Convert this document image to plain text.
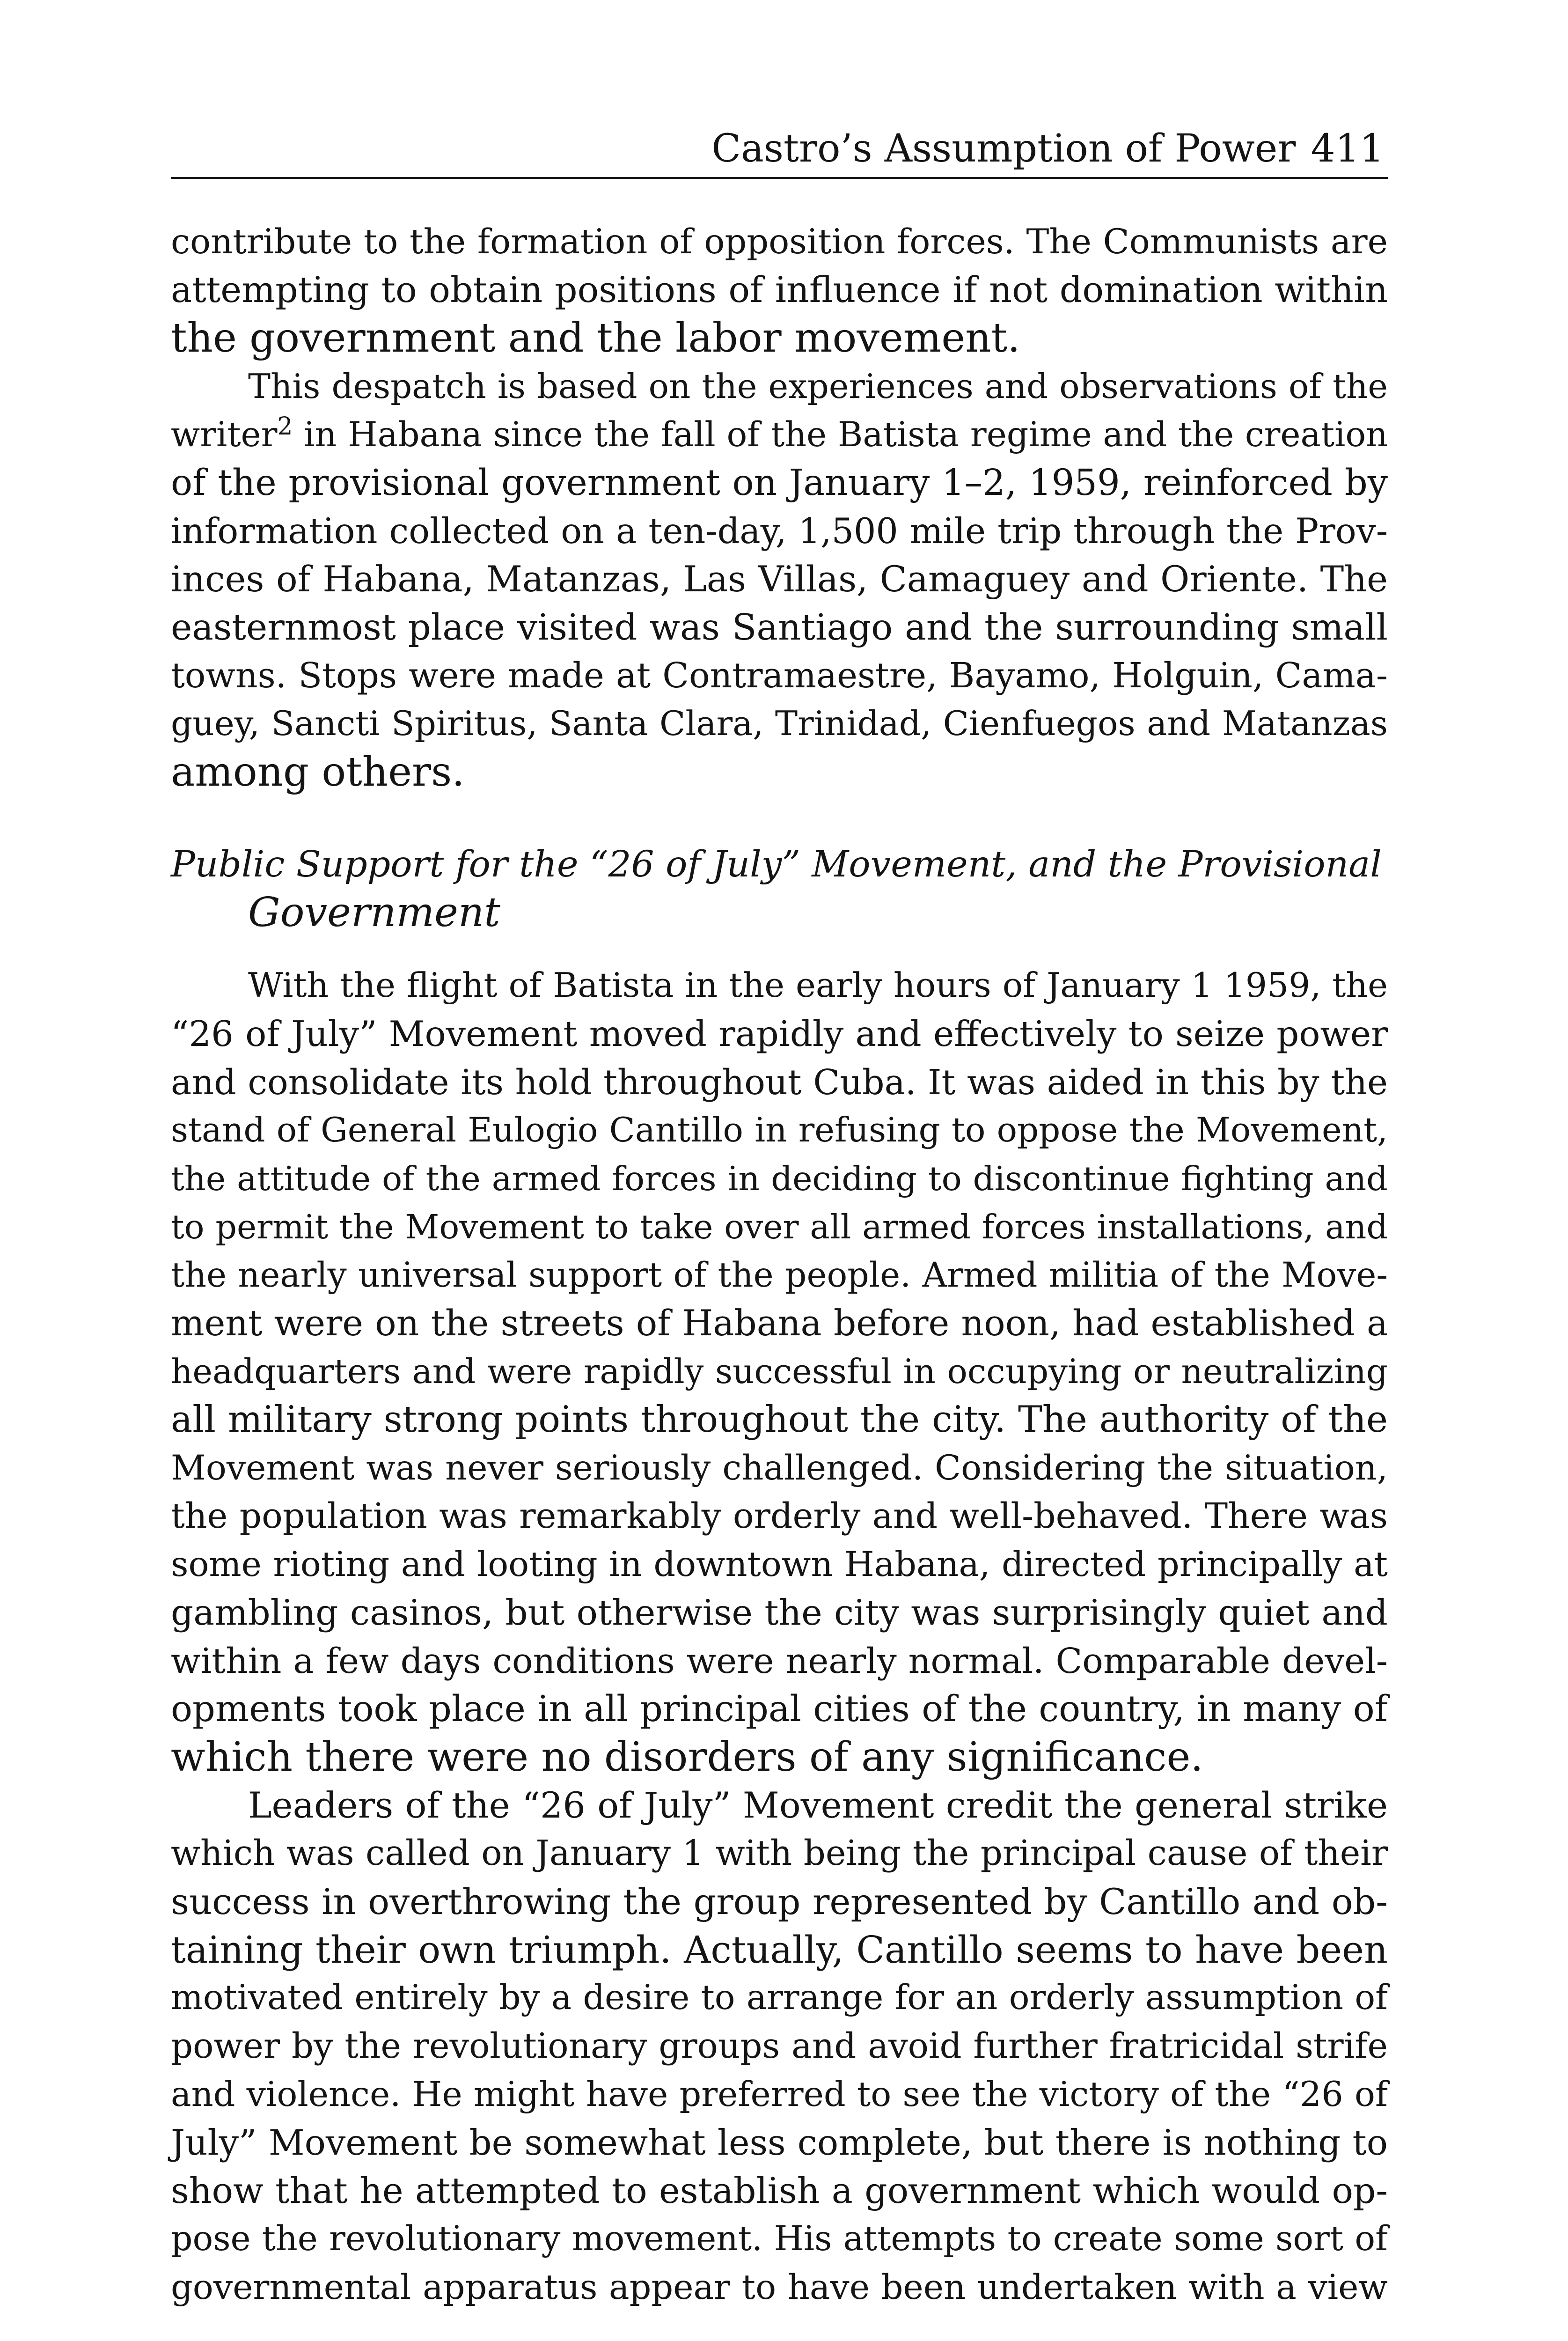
Castro’s Assumption of Power 411
contribute to the formation of opposition forces. The Communists are
attempting to obtain positions of influence if not domination within
the government and the labor movement.
This despatch is based on the experiences and observations of the
writer$^2$ in Habana since the fall of the Batista regime and the creation
of the provisional government on January 1–2, 1959, reinforced by
information collected on a ten-day, 1,500 mile trip through the Prov-
inces of Habana, Matanzas, Las Villas, Camaguey and Oriente. The
easternmost place visited was Santiago and the surrounding small
towns. Stops were made at Contramaestre, Bayamo, Holguin, Cama-
guey, Sancti Spiritus, Santa Clara, Trinidad, Cienfuegos and Matanzas
among others.
Public Support for the “26 of July” Movement, and the Provisional
Government
With the flight of Batista in the early hours of January 1 1959, the
“26 of July” Movement moved rapidly and effectively to seize power
and consolidate its hold throughout Cuba. It was aided in this by the
stand of General Eulogio Cantillo in refusing to oppose the Movement,
the attitude of the armed forces in deciding to discontinue fighting and
to permit the Movement to take over all armed forces installations, and
the nearly universal support of the people. Armed militia of the Move-
ment were on the streets of Habana before noon, had established a
headquarters and were rapidly successful in occupying or neutralizing
all military strong points throughout the city. The authority of the
Movement was never seriously challenged. Considering the situation,
the population was remarkably orderly and well-behaved. There was
some rioting and looting in downtown Habana, directed principally at
gambling casinos, but otherwise the city was surprisingly quiet and
within a few days conditions were nearly normal. Comparable devel-
opments took place in all principal cities of the country, in many of
which there were no disorders of any significance.
Leaders of the “26 of July” Movement credit the general strike
which was called on January 1 with being the principal cause of their
success in overthrowing the group represented by Cantillo and ob-
taining their own triumph. Actually, Cantillo seems to have been
motivated entirely by a desire to arrange for an orderly assumption of
power by the revolutionary groups and avoid further fratricidal strife
and violence. He might have preferred to see the victory of the “26 of
July” Movement be somewhat less complete, but there is nothing to
show that he attempted to establish a government which would op-
pose the revolutionary movement. His attempts to create some sort of
governmental apparatus appear to have been undertaken with a view
